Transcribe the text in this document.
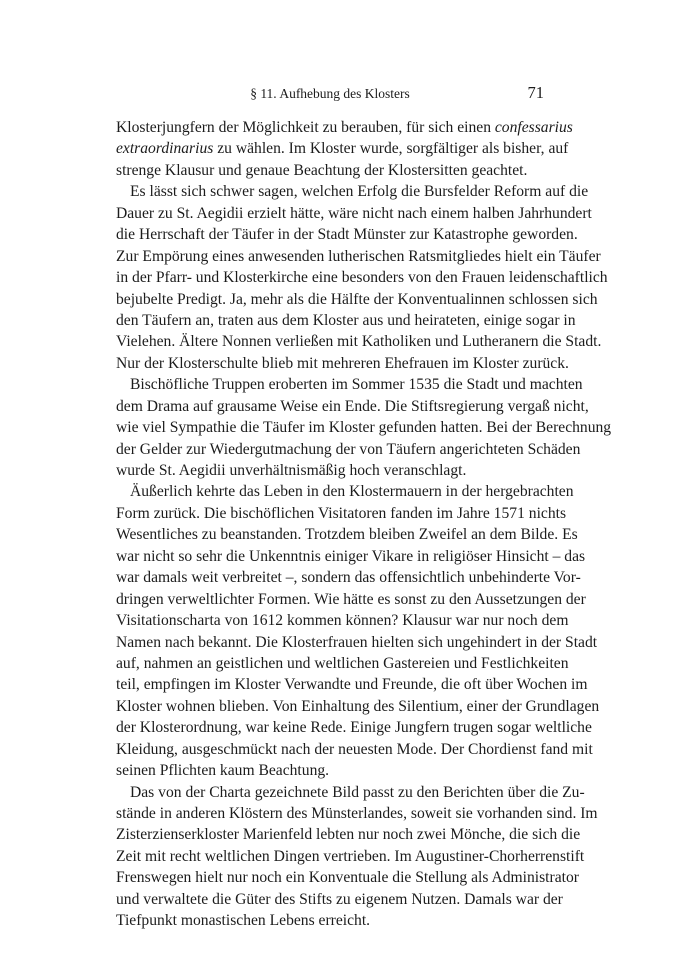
§ 11. Aufhebung des Klosters	71
Klosterjungfern der Möglichkeit zu berauben, für sich einen confessarius
extraordinarius zu wählen. Im Kloster wurde, sorgfältiger als bisher, auf
strenge Klausur und genaue Beachtung der Klostersitten geachtet.
Es lässt sich schwer sagen, welchen Erfolg die Bursfelder Reform auf die
Dauer zu St. Aegidii erzielt hätte, wäre nicht nach einem halben Jahrhundert
die Herrschaft der Täufer in der Stadt Münster zur Katastrophe geworden.
Zur Empörung eines anwesenden lutherischen Ratsmitgliedes hielt ein Täufer
in der Pfarr- und Klosterkirche eine besonders von den Frauen leidenschaftlich
bejubelte Predigt. Ja, mehr als die Hälfte der Konventualinnen schlossen sich
den Täufern an, traten aus dem Kloster aus und heirateten, einige sogar in
Vielehen. Ältere Nonnen verließen mit Katholiken und Lutheranern die Stadt.
Nur der Klosterschulte blieb mit mehreren Ehefrauen im Kloster zurück.
Bischöfliche Truppen eroberten im Sommer 1535 die Stadt und machten
dem Drama auf grausame Weise ein Ende. Die Stiftsregierung vergaß nicht,
wie viel Sympathie die Täufer im Kloster gefunden hatten. Bei der Berechnung
der Gelder zur Wiedergutmachung der von Täufern angerichteten Schäden
wurde St. Aegidii unverhältnismäßig hoch veranschlagt.
Äußerlich kehrte das Leben in den Klostermauern in der hergebrachten
Form zurück. Die bischöflichen Visitatoren fanden im Jahre 1571 nichts
Wesentliches zu beanstanden. Trotzdem bleiben Zweifel an dem Bilde. Es
war nicht so sehr die Unkenntnis einiger Vikare in religiöser Hinsicht – das
war damals weit verbreitet –, sondern das offensichtlich unbehinderte Vor-
dringen verweltlichter Formen. Wie hätte es sonst zu den Aussetzungen der
Visitationscharta von 1612 kommen können? Klausur war nur noch dem
Namen nach bekannt. Die Klosterfrauen hielten sich ungehindert in der Stadt
auf, nahmen an geistlichen und weltlichen Gastereien und Festlichkeiten
teil, empfingen im Kloster Verwandte und Freunde, die oft über Wochen im
Kloster wohnen blieben. Von Einhaltung des Silentium, einer der Grundlagen
der Klosterordnung, war keine Rede. Einige Jungfern trugen sogar weltliche
Kleidung, ausgeschmückt nach der neuesten Mode. Der Chordienst fand mit
seinen Pflichten kaum Beachtung.
Das von der Charta gezeichnete Bild passt zu den Berichten über die Zu-
stände in anderen Klöstern des Münsterlandes, soweit sie vorhanden sind. Im
Zisterzienserkloster Marienfeld lebten nur noch zwei Mönche, die sich die
Zeit mit recht weltlichen Dingen vertrieben. Im Augustiner-Chorherrenstift
Frenswegen hielt nur noch ein Konventuale die Stellung als Administrator
und verwaltete die Güter des Stifts zu eigenem Nutzen. Damals war der
Tiefpunkt monastischen Lebens erreicht.
